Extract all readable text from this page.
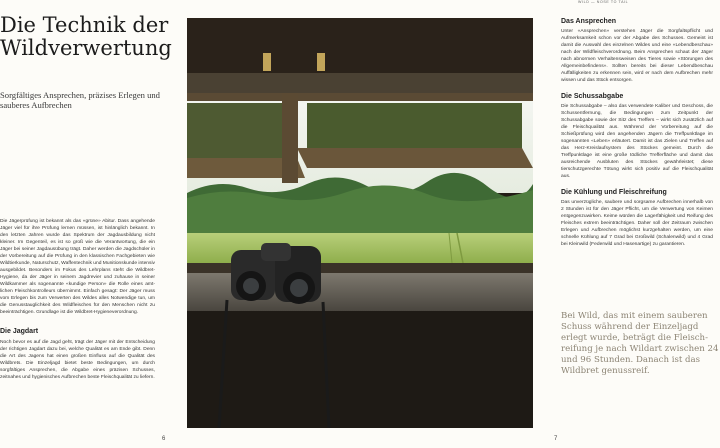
WILD — NOSE TO TAIL
Die Technik der Wildverwertung
Sorgfältiges Ansprechen, präzises Erlegen und sauberes Aufbrechen
Die Jägerprüfung ist bekannt als das «grüne» Abitur. Dass angehende Jäger viel für ihre Prüfung lernen müssen, ist hinlänglich bekannt. In den letzten Jahren wurde das Spektrum der Jagdausbildung nicht kleiner. Im Gegenteil, es ist so groß wie die Verantwortung, die ein Jäger bei seiner Jagdausübung trägt. Daher werden die Jagdschüler in der Vorbereitung auf die Prüfung in den klassischen Fachgebieten wie Wildtierkunde, Naturschutz, Waffentechnik und Munitionskunde intensiv ausgebildet. Besonders im Fokus des Lehrplans steht die Wildbret-Hygiene, da der Jäger in seinem Jagdrevier und zuhause in seiner Wildkammer als sogenannte «kundige Person» die Rolle eines amtlichen Fleischkontrolleurs übernimmt. Einfach gesagt: Der Jäger muss vom Erlegen bis zum Verwerten des Wildes alles Notwendige tun, um die Genusstauglichkeit des Wildfleisches für den Menschen nicht zu beeinträchtigen. Grundlage ist die Wildbret-Hygieneverordnung.
Die Jagdart
Noch bevor es auf die Jagd geht, trägt der Jäger mit der Entscheidung der richtigen Jagdart dazu bei, welche Qualität es am Ende gibt. Denn die Art des Jagens hat einen großen Einfluss auf die Qualität des Wildbrets. Die Einzeljagd bietet beste Bedingungen, um durch sorgfältiges Ansprechen, die Abgabe eines präzisen Schusses, zeitnahes und hygienisches Aufbrechen beste Fleischqualität zu liefern.
6
Das Ansprechen
Unter «Ansprechen» verstehen Jäger die Sorgfaltspflicht und Aufmerksamkeit schon vor der Abgabe des Schusses. Gemeint ist damit die Auswahl des einzelnen Wildes und eine «Lebendbeschau» nach der Wildfleischverordnung. Beim Ansprechen schaut der Jäger nach abnormen Verhaltensweisen des Tieres sowie «Störungen des Allgemeinbefindens». Sollten bereits bei dieser Lebendbeschau Auffälligkeiten zu erkennen sein, wird er nach dem Aufbrechen mehr wissen und das Stück entsorgen.
Die Schussabgabe
Die Schussabgabe – also das verwendete Kaliber und Geschoss, die Schussentfernung, die Bedingungen zum Zeitpunkt der Schussabgabe sowie der Sitz des Treffers – wirkt sich zusätzlich auf die Fleischqualität aus. Während der Vorbereitung auf die Schießprüfung wird den angehenden Jägern die Treffpunktlage im sogenannten «Leben» erläutert. Damit ist das Zielen und Treffen auf das Herz-Kreislaufsystem des Stückes gemeint. Durch die Treffpunktlage ist eine große tödliche Trefferfläche und damit das ausreichende Ausbluten des Stückes gewährleistet; diese tierschutzgerechte Tötung wirkt sich positiv auf die Fleischqualität aus.
Die Kühlung und Fleischreifung
Das unverzügliche, saubere und sorgsame Aufbrechen innerhalb von 2 Stunden ist für den Jäger Pflicht, um die Verwertung von Keimen entgegenzuwirken. Keime würden die Lagerfähigkeit und Reifung des Fleisches extrem beeinträchtigen. Daher soll der Zeitraum zwischen Erlegen und Aufbrechen möglichst kurzgehalten werden, um eine schnelle Kühlung auf 7 Grad bei Großwild (Schalenwild) und 4 Grad bei Kleinwild (Federwild und Hasenartige) zu garantieren.
Bei Wild, das mit einem sauberen Schuss während der Einzeljagd erlegt wurde, beträgt die Fleischreifung je nach Wildart zwischen 24 und 96 Stunden. Danach ist das Wildbret genussreif.
7
